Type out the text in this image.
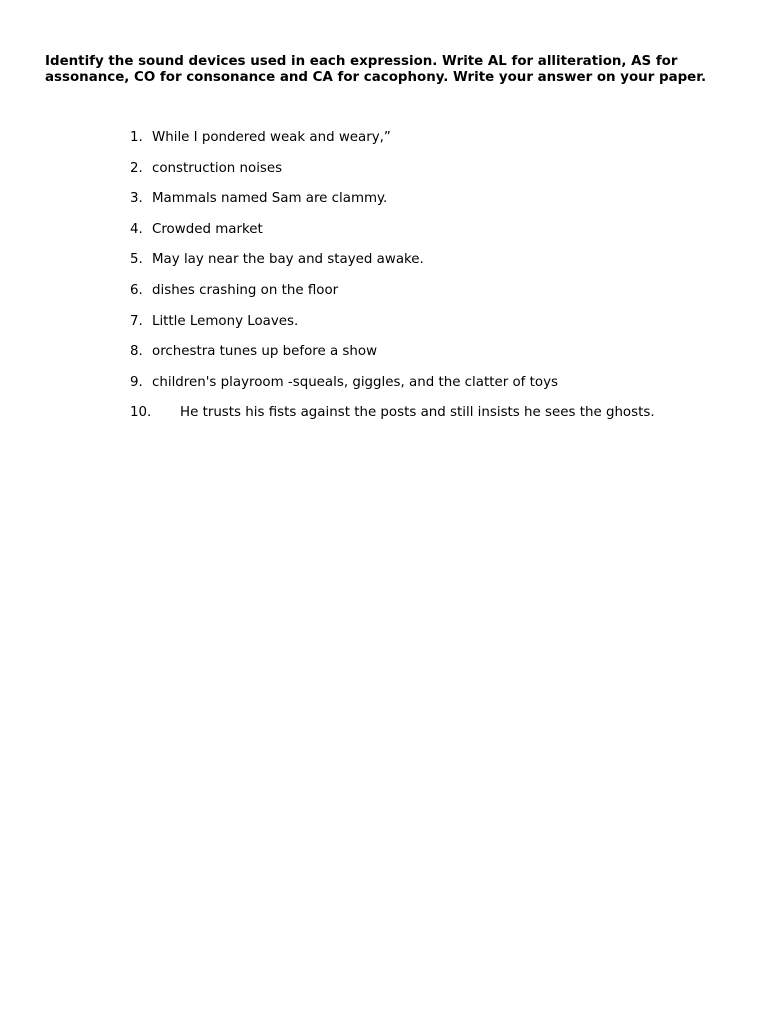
Identify the sound devices used in each expression. Write AL for alliteration, AS for assonance, CO for consonance and CA for cacophony. Write your answer on your paper.
1. While I pondered weak and weary,”
2. construction noises
3. Mammals named Sam are clammy.
4. Crowded market
5. May lay near the bay and stayed awake.
6. dishes crashing on the floor
7. Little Lemony Loaves.
8. orchestra tunes up before a show
9. children's playroom -squeals, giggles, and the clatter of toys
10.	He trusts his fists against the posts and still insists he sees the ghosts.
